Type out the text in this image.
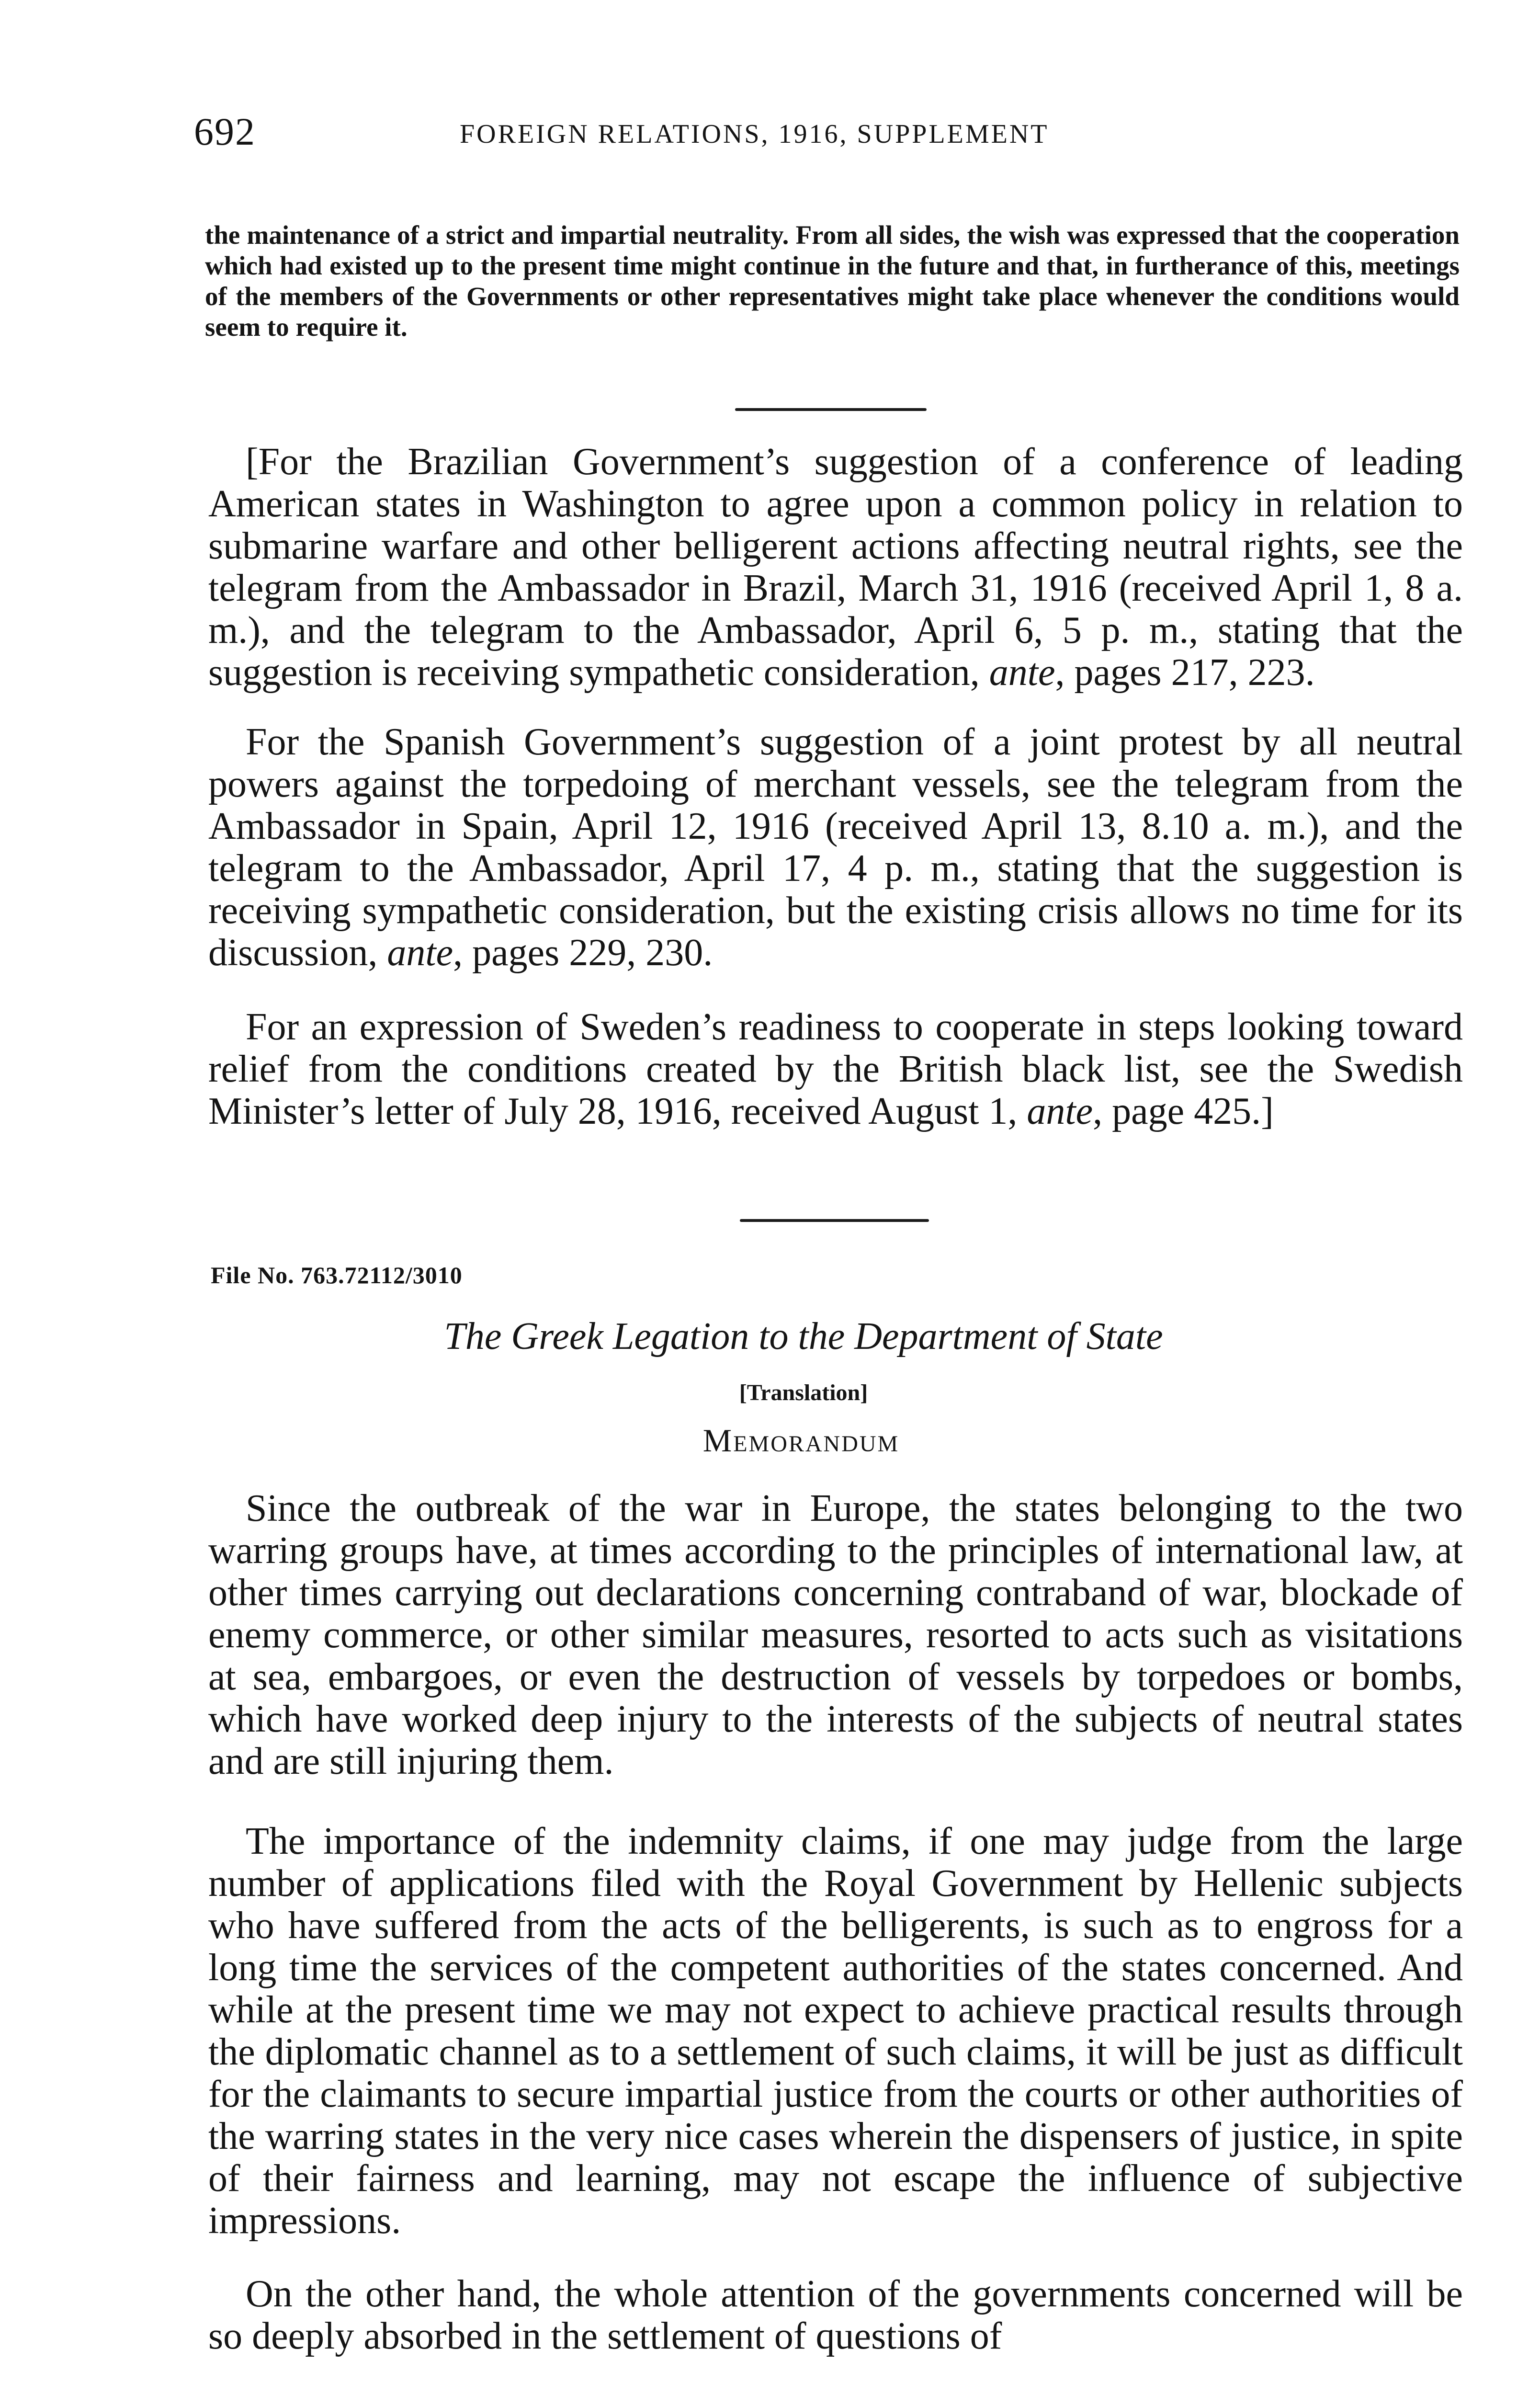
692	FOREIGN RELATIONS, 1916, SUPPLEMENT

the maintenance of a strict and impartial neutrality. From all sides, the wish was expressed that the cooperation which had existed up to the present time might continue in the future and that, in furtherance of this, meetings of the members of the Governments or other representatives might take place whenever the conditions would seem to require it.

[For the Brazilian Government’s suggestion of a conference of leading American states in Washington to agree upon a common policy in relation to submarine warfare and other belligerent actions affecting neutral rights, see the telegram from the Ambassador in Brazil, March 31, 1916 (received April 1, 8 a. m.), and the telegram to the Ambassador, April 6, 5 p. m., stating that the suggestion is receiving sympathetic consideration, ante, pages 217, 223.

For the Spanish Government’s suggestion of a joint protest by all neutral powers against the torpedoing of merchant vessels, see the telegram from the Ambassador in Spain, April 12, 1916 (received April 13, 8.10 a. m.), and the telegram to the Ambassador, April 17, 4 p. m., stating that the suggestion is receiving sympathetic consideration, but the existing crisis allows no time for its discussion, ante, pages 229, 230.

For an expression of Sweden’s readiness to cooperate in steps looking toward relief from the conditions created by the British black list, see the Swedish Minister’s letter of July 28, 1916, received August 1, ante, page 425.]

File No. 763.72112/3010
The Greek Legation to the Department of State
[Translation]
Memorandum

Since the outbreak of the war in Europe, the states belonging to the two warring groups have, at times according to the principles of international law, at other times carrying out declarations concerning contraband of war, blockade of enemy commerce, or other similar measures, resorted to acts such as visitations at sea, embargoes, or even the destruction of vessels by torpedoes or bombs, which have worked deep injury to the interests of the subjects of neutral states and are still injuring them.

The importance of the indemnity claims, if one may judge from the large number of applications filed with the Royal Government by Hellenic subjects who have suffered from the acts of the belligerents, is such as to engross for a long time the services of the competent authorities of the states concerned. And while at the present time we may not expect to achieve practical results through the diplomatic channel as to a settlement of such claims, it will be just as difficult for the claimants to secure impartial justice from the courts or other authorities of the warring states in the very nice cases wherein the dispensers of justice, in spite of their fairness and learning, may not escape the influence of subjective impressions.

On the other hand, the whole attention of the governments concerned will be so deeply absorbed in the settlement of questions of
